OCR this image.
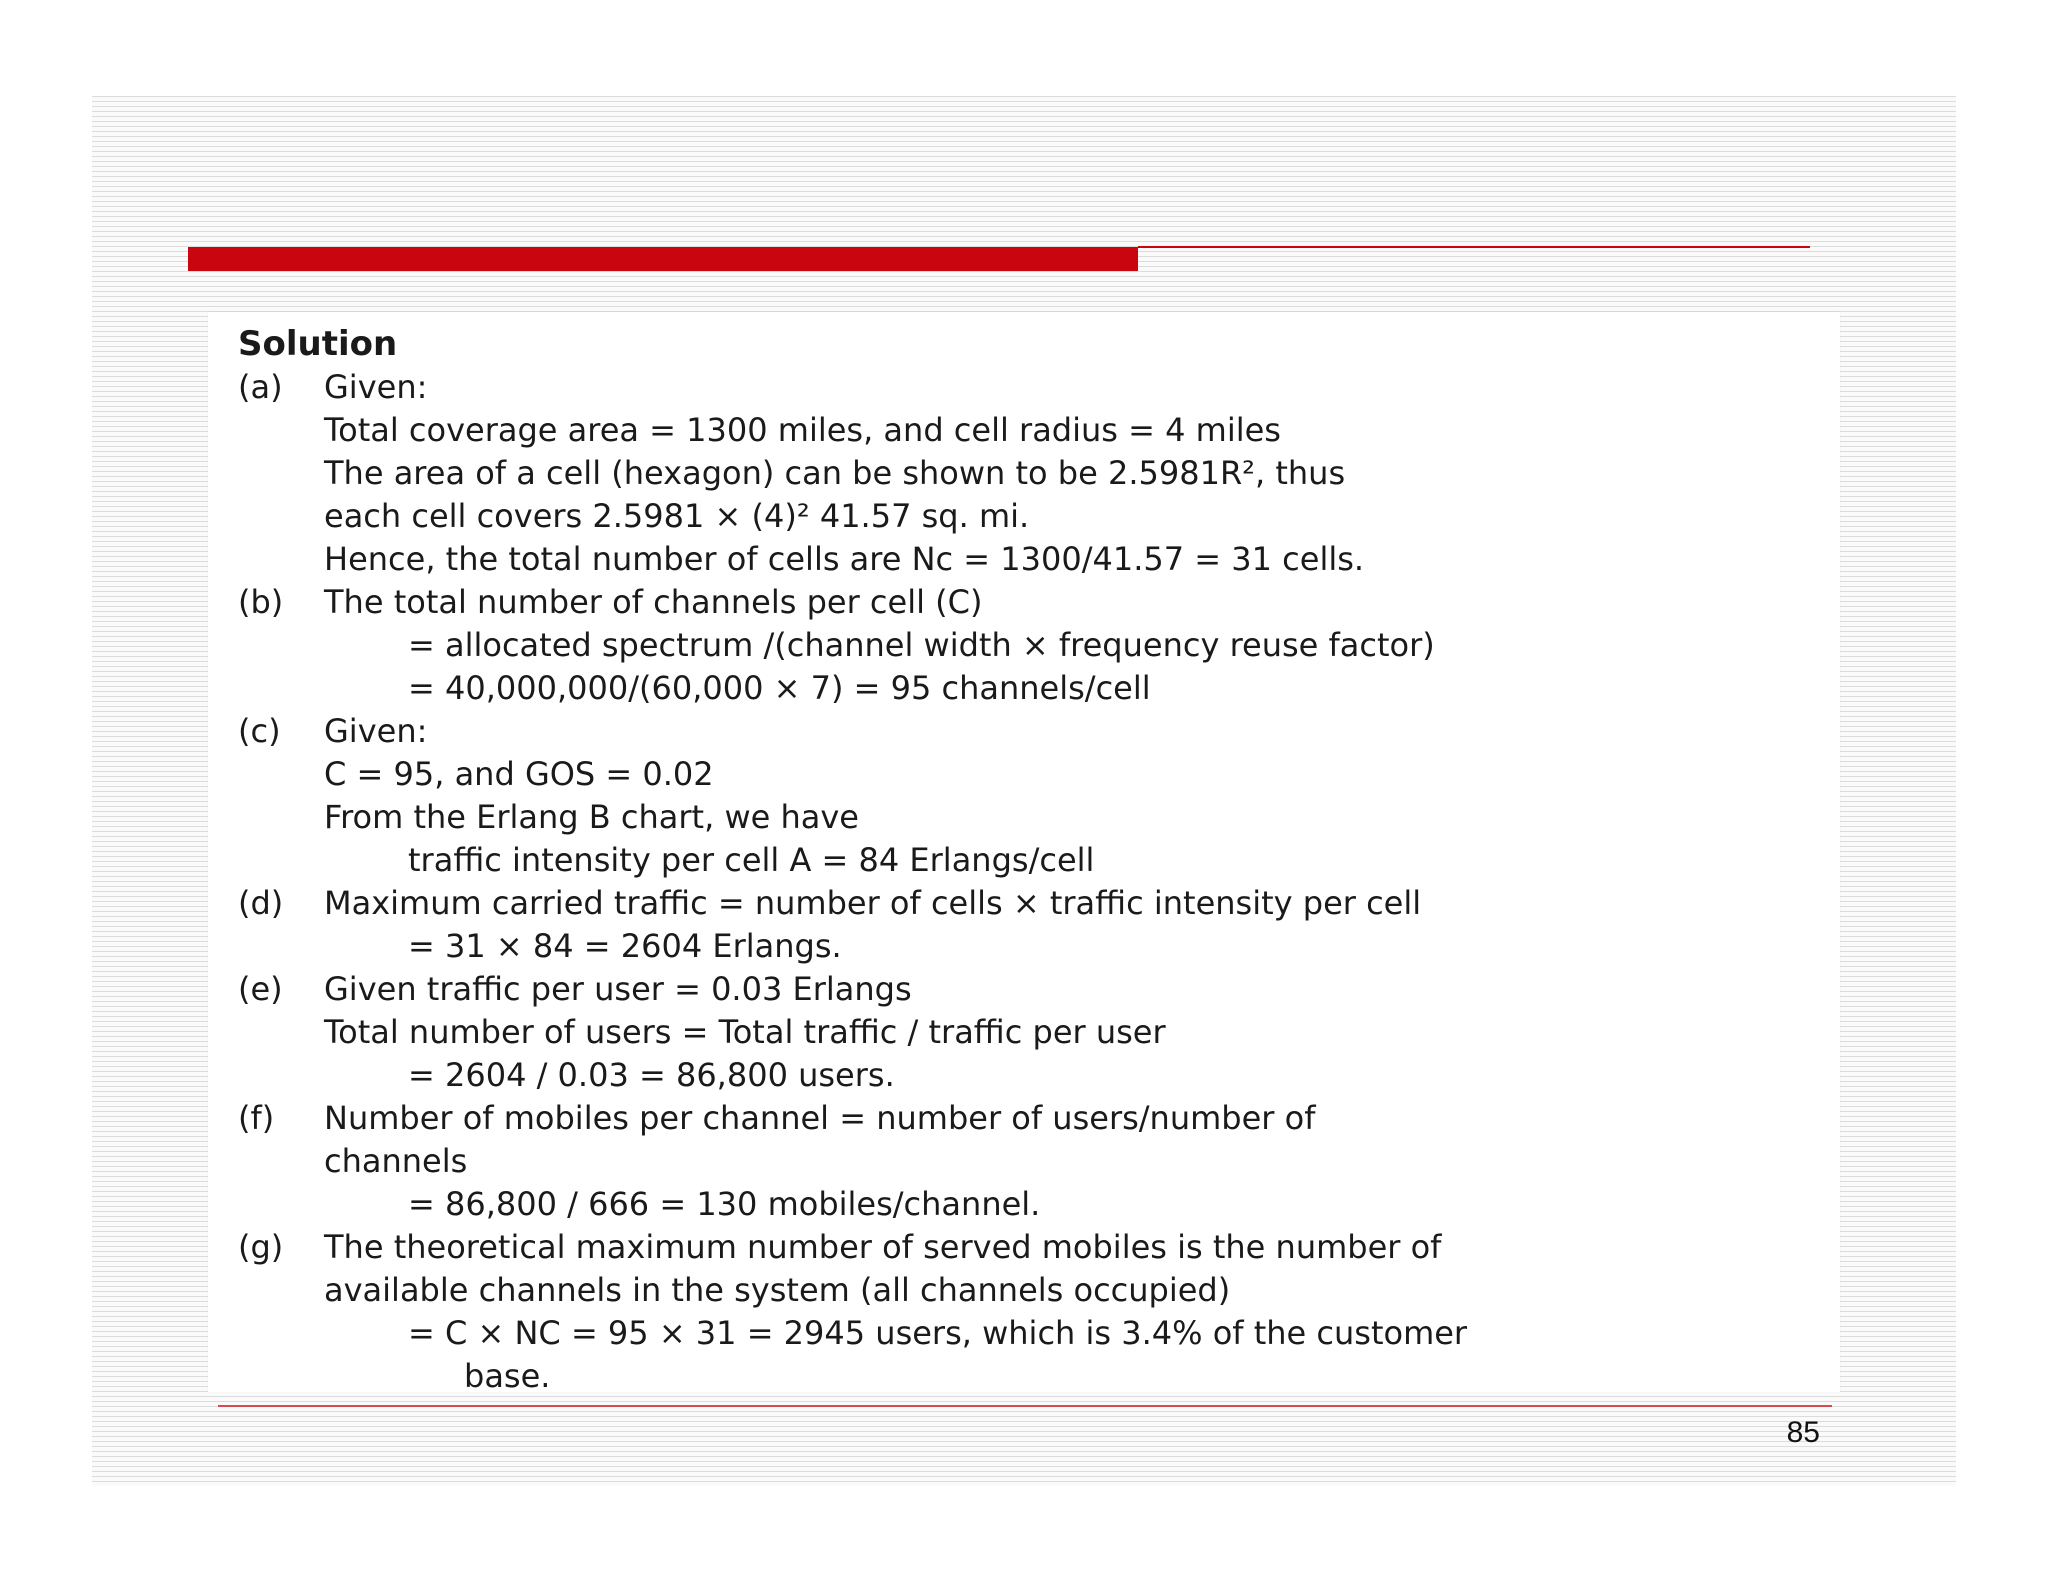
Solution
(a) Given:
Total coverage area = 1300 miles, and cell radius = 4 miles
The area of a cell (hexagon) can be shown to be 2.5981R², thus
each cell covers 2.5981 × (4)² 41.57 sq. mi.
Hence, the total number of cells are Nc = 1300/41.57 = 31 cells.
(b) The total number of channels per cell (C)
= allocated spectrum /(channel width × frequency reuse factor)
= 40,000,000/(60,000 × 7) = 95 channels/cell
(c) Given:
C = 95, and GOS = 0.02
From the Erlang B chart, we have
traffic intensity per cell A = 84 Erlangs/cell
(d) Maximum carried traffic = number of cells × traffic intensity per cell
= 31 × 84 = 2604 Erlangs.
(e) Given traffic per user = 0.03 Erlangs
Total number of users = Total traffic / traffic per user
= 2604 / 0.03 = 86,800 users.
(f) Number of mobiles per channel = number of users/number of
channels
= 86,800 / 666 = 130 mobiles/channel.
(g) The theoretical maximum number of served mobiles is the number of
available channels in the system (all channels occupied)
= C × NC = 95 × 31 = 2945 users, which is 3.4% of the customer
base.
85
